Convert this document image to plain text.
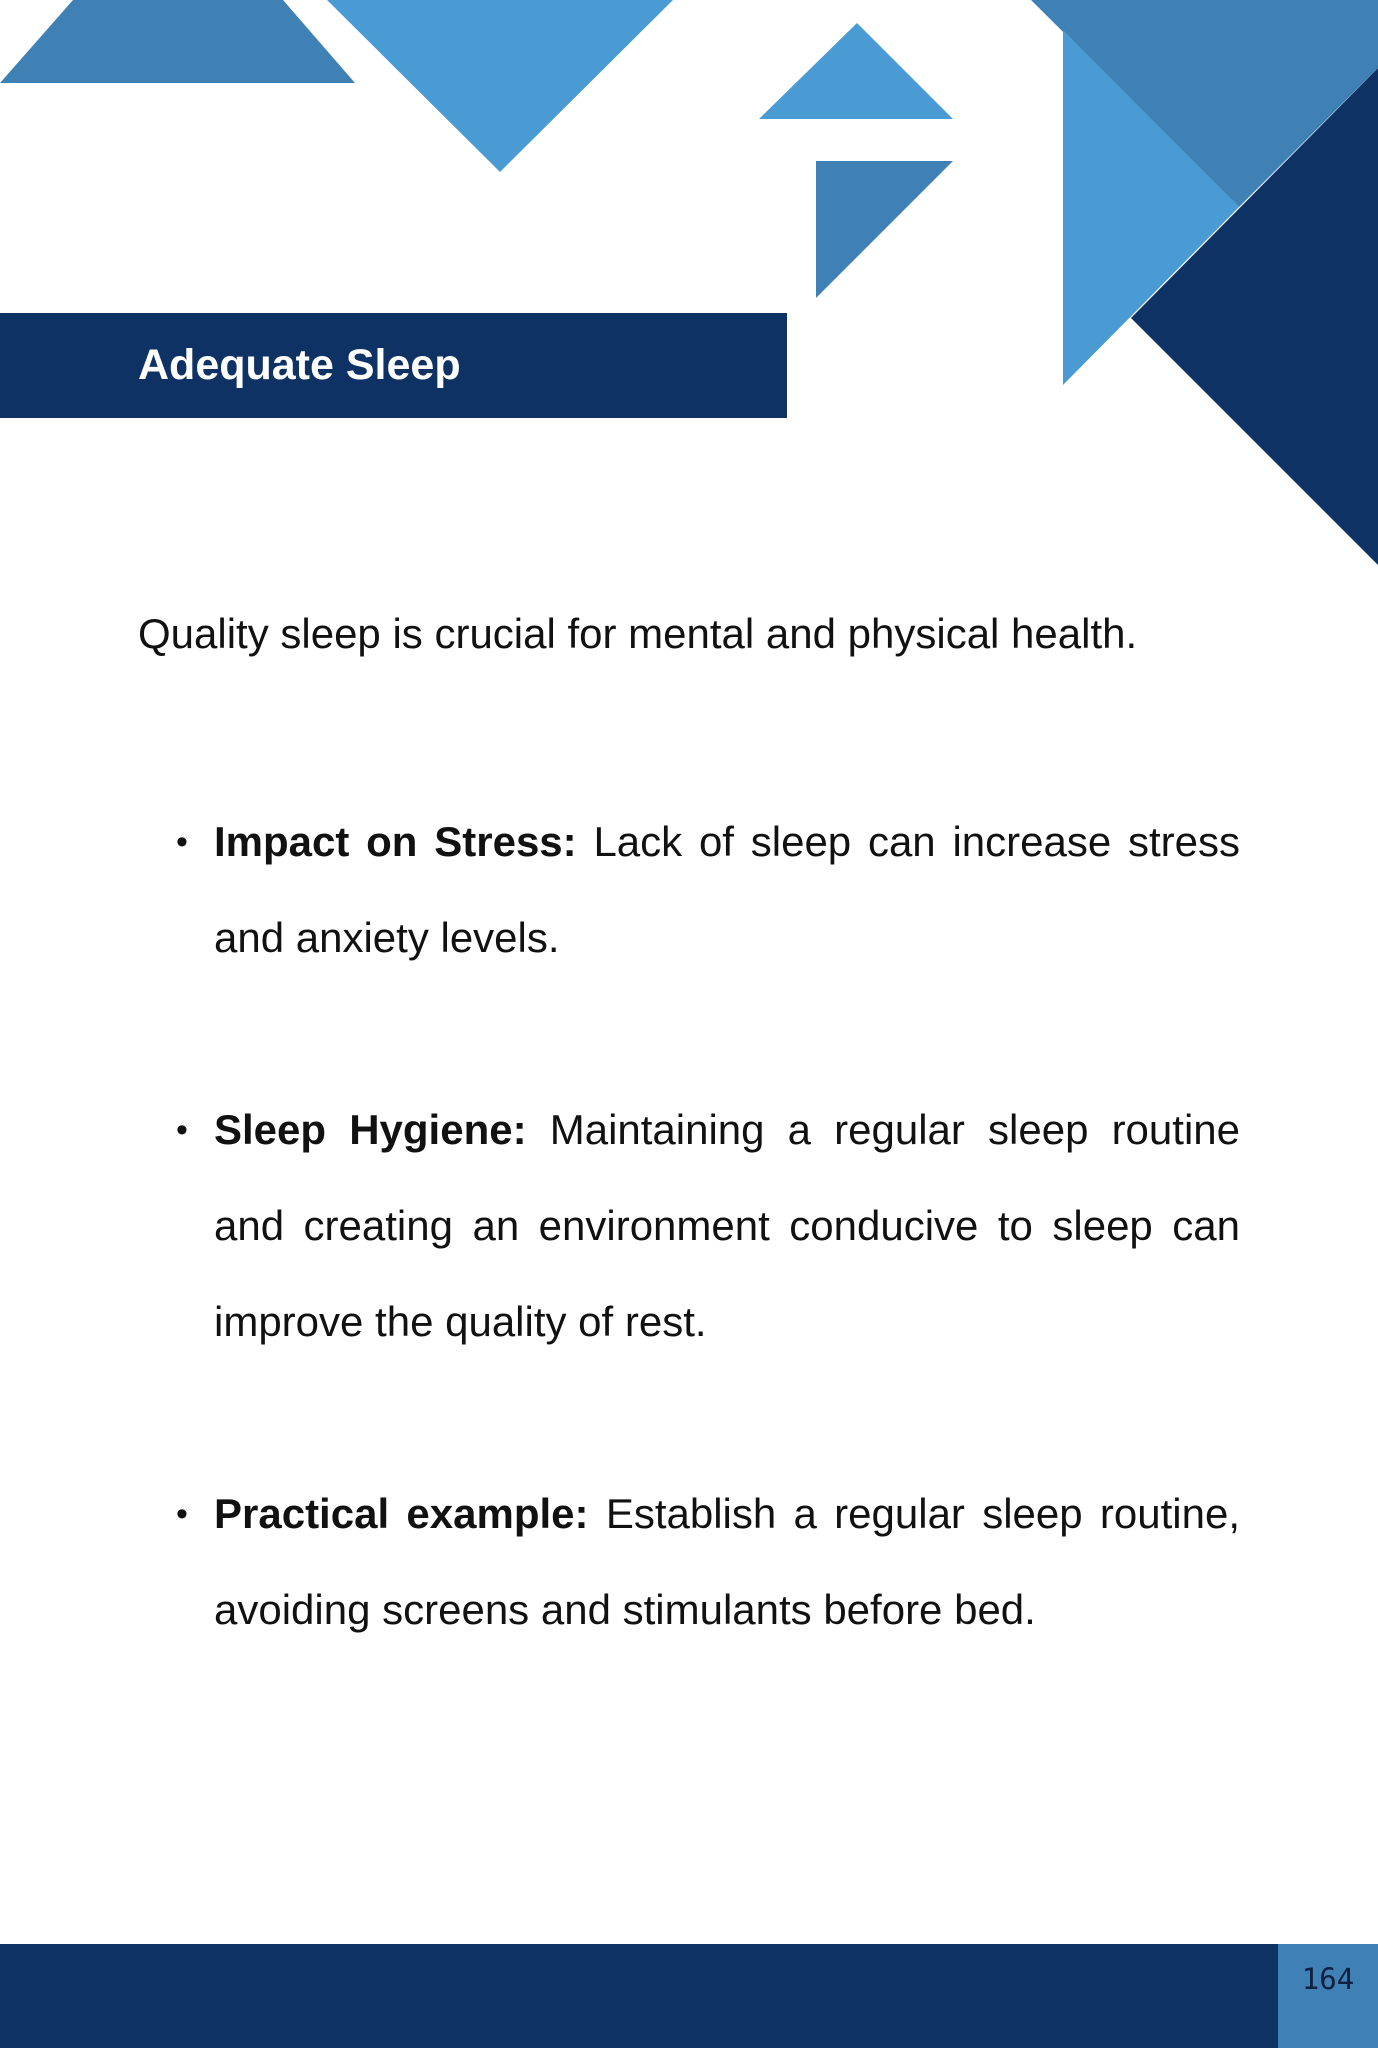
Adequate Sleep

Quality sleep is crucial for mental and physical health.

• Impact on Stress: Lack of sleep can increase stress and anxiety levels.
• Sleep Hygiene: Maintaining a regular sleep routine and creating an environment conducive to sleep can improve the quality of rest.
• Practical example: Establish a regular sleep routine, avoiding screens and stimulants before bed.
164
